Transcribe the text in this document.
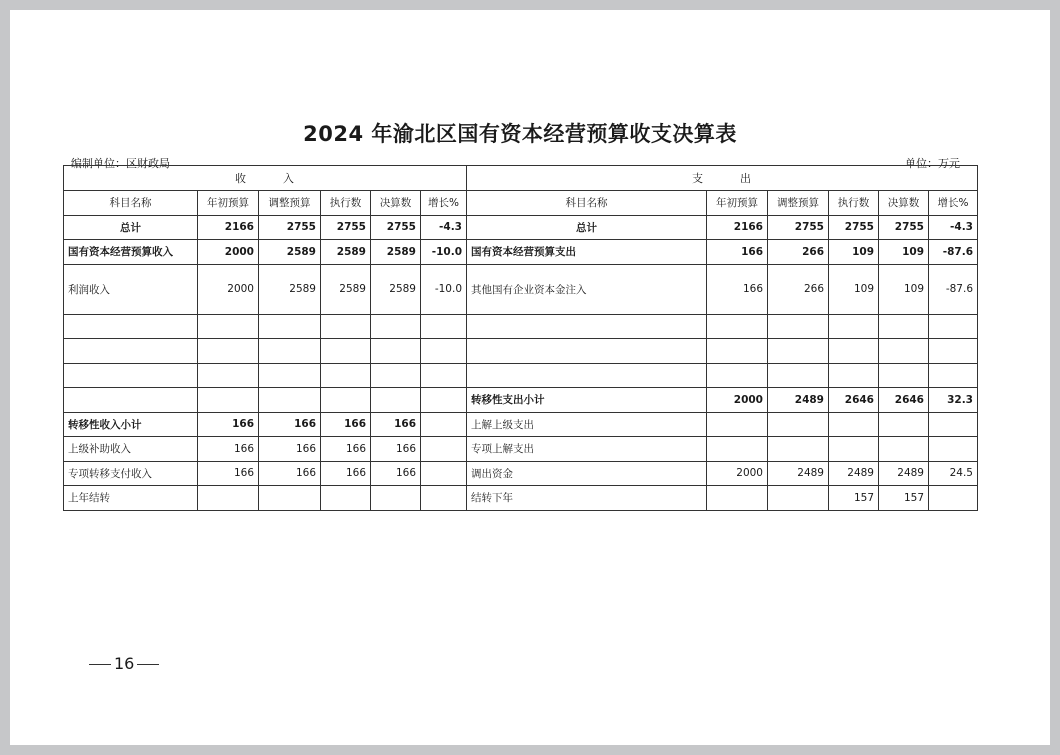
2024 年渝北区国有资本经营预算收支决算表
编制单位：区财政局	单位：万元
收　　　入						支　　　出					
科目名称	年初预算	调整预算	执行数	决算数	增长%	科目名称	年初预算	调整预算	执行数	决算数	增长%
总计	2166	2755	2755	2755	-4.3	总计	2166	2755	2755	2755	-4.3
国有资本经营预算收入	2000	2589	2589	2589	-10.0	国有资本经营预算支出	166	266	109	109	-87.6
利润收入	2000	2589	2589	2589	-10.0	其他国有企业资本金注入	166	266	109	109	-87.6

						转移性支出小计	2000	2489	2646	2646	32.3
转移性收入小计	166	166	166	166		上解上级支出					
上级补助收入	166	166	166	166		专项上解支出					
专项转移支付收入	166	166	166	166		调出资金	2000	2489	2489	2489	24.5
上年结转						结转下年			157	157	
16
